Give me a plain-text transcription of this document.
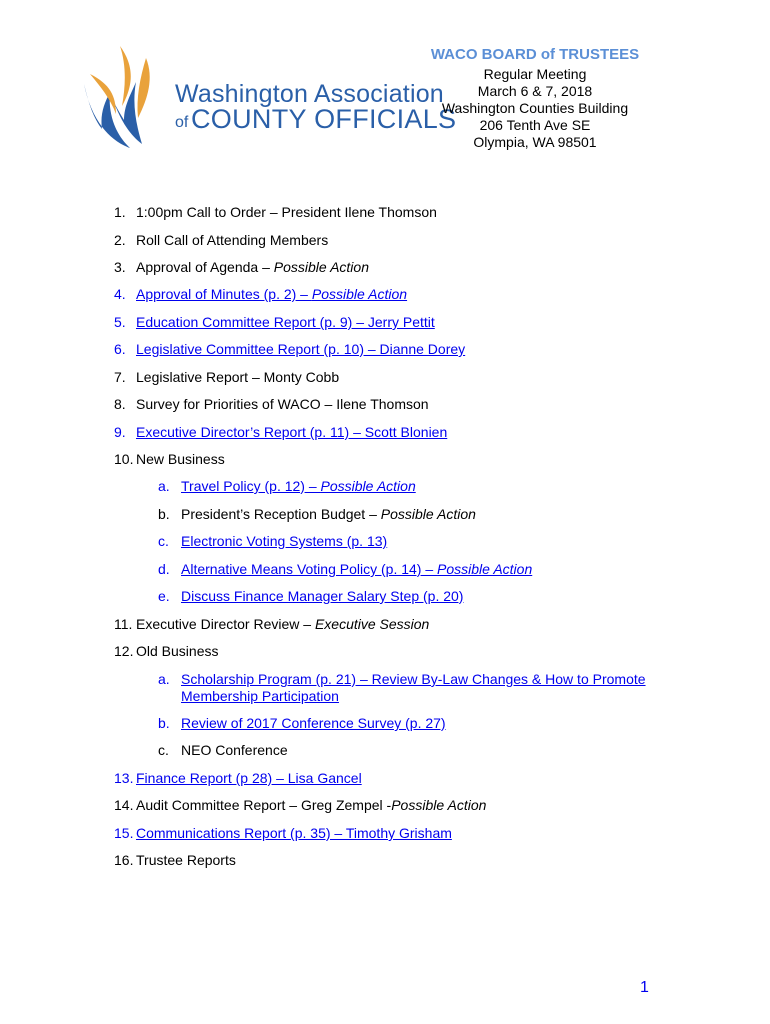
Washington Association
of COUNTY OFFICIALS
WACO BOARD of TRUSTEES
Regular Meeting
March 6 & 7, 2018
Washington Counties Building
206 Tenth Ave SE
Olympia, WA 98501
1. 1:00pm Call to Order – President Ilene Thomson
2. Roll Call of Attending Members
3. Approval of Agenda – Possible Action
4. Approval of Minutes (p. 2) – Possible Action
5. Education Committee Report (p. 9) – Jerry Pettit
6. Legislative Committee Report (p. 10) – Dianne Dorey
7. Legislative Report – Monty Cobb
8. Survey for Priorities of WACO – Ilene Thomson
9. Executive Director’s Report (p. 11) – Scott Blonien
10. New Business
a. Travel Policy (p. 12) – Possible Action
b. President’s Reception Budget – Possible Action
c. Electronic Voting Systems (p. 13)
d. Alternative Means Voting Policy (p. 14) – Possible Action
e. Discuss Finance Manager Salary Step (p. 20)
11. Executive Director Review – Executive Session
12. Old Business
a. Scholarship Program (p. 21) – Review By-Law Changes & How to Promote
Membership Participation
b. Review of 2017 Conference Survey (p. 27)
c. NEO Conference
13. Finance Report (p 28) – Lisa Gancel
14. Audit Committee Report – Greg Zempel -Possible Action
15. Communications Report (p. 35) – Timothy Grisham
16. Trustee Reports
1
